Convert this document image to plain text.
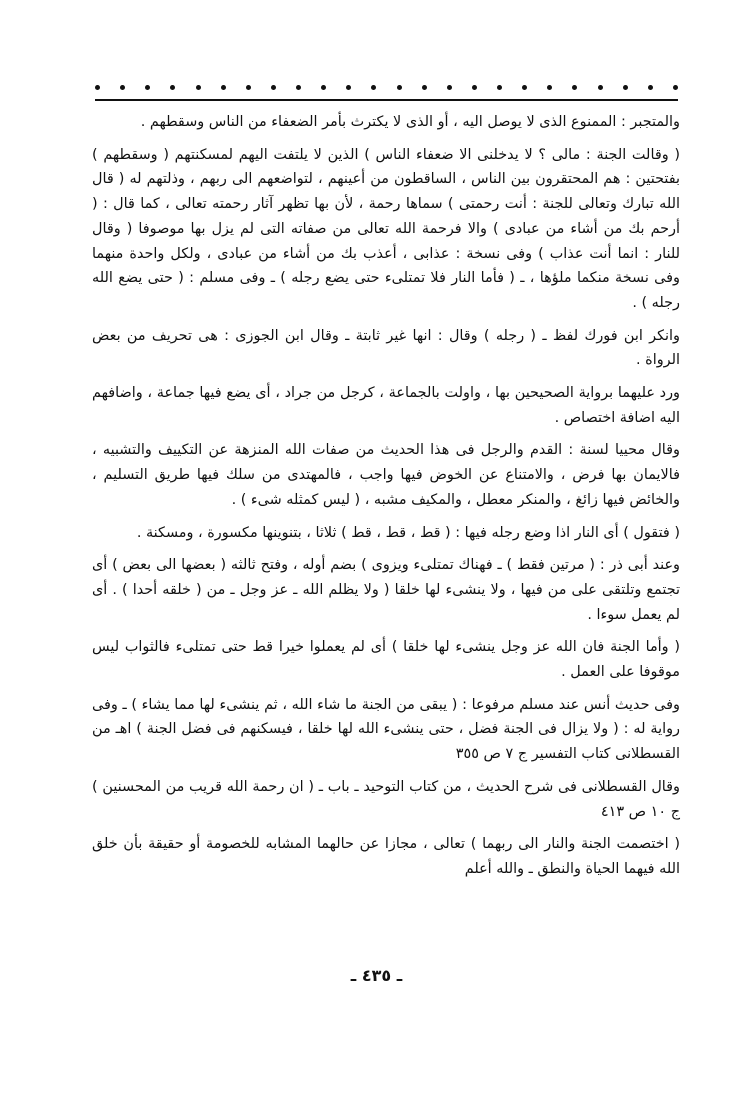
والمتجبر : الممنوع الذى لا يوصل اليه ، أو الذى لا يكترث بأمر الضعفاء من الناس وسقطهم .

( وقالت الجنة : مالى ؟ لا يدخلنى الا ضعفاء الناس ) الذين لا يلتفت اليهم لمسكنتهم ( وسقطهم ) بفتحتين : هم المحتقرون بين الناس ، الساقطون من أعينهم ، لتواضعهم الى ربهم ، وذلتهم له ( قال الله تبارك وتعالى للجنة : أنت رحمتى ) سماها رحمة ، لأن بها تظهر آثار رحمته تعالى ، كما قال : ( أرحم بك من أشاء من عبادى ) والا فرحمة الله تعالى من صفاته التى لم يزل بها موصوفا ( وقال للنار : انما أنت عذاب ) وفى نسخة : عذابى ، أعذب بك من أشاء من عبادى ، ولكل واحدة منهما وفى نسخة منكما ملؤها ، ـ ( فأما النار فلا تمتلىء حتى يضع رجله ) ـ وفى مسلم : ( حتى يضع الله رجله ) .

وانكر ابن فورك لفظ ـ ( رجله ) وقال : انها غير ثابتة ـ وقال ابن الجوزى : هى تحريف من بعض الرواة .

ورد عليهما برواية الصحيحين بها ، واولت بالجماعة ، كرجل من جراد ، أى يضع فيها جماعة ، واضافهم اليه اضافة اختصاص .

وقال محييا لسنة : القدم والرجل فى هذا الحديث من صفات الله المنزهة عن التكييف والتشبيه ، فالايمان بها فرض ، والامتناع عن الخوض فيها واجب ، فالمهتدى من سلك فيها طريق التسليم ، والخائض فيها زائغ ، والمنكر معطل ، والمكيف مشبه ، ( ليس كمثله شىء ) .

( فتقول ) أى النار اذا وضع رجله فيها : ( قط ، قط ، قط ) ثلاثا ، بتنوينها مكسورة ، ومسكنة .

وعند أبى ذر : ( مرتين فقط ) ـ فهناك تمتلىء ويزوى ) بضم أوله ، وفتح ثالثه ( بعضها الى بعض ) أى تجتمع وتلتقى على من فيها ، ولا ينشىء لها خلقا ( ولا يظلم الله ـ عز وجل ـ من ( خلقه أحدا ) . أى لم يعمل سوءا .

( وأما الجنة فان الله عز وجل ينشىء لها خلقا ) أى لم يعملوا خيرا قط حتى تمتلىء فالثواب ليس موقوفا على العمل .

وفى حديث أنس عند مسلم مرفوعا : ( يبقى من الجنة ما شاء الله ، ثم ينشىء لها مما يشاء ) ـ وفى رواية له : ( ولا يزال فى الجنة فضل ، حتى ينشىء الله لها خلقا ، فيسكنهم فى فضل الجنة ) اهـ من القسطلانى كتاب التفسير ج ٧ ص ٣٥٥

وقال القسطلانى فى شرح الحديث ، من كتاب التوحيد ـ باب ـ ( ان رحمة الله قريب من المحسنين ) ج ١٠ ص ٤١٣

( اختصمت الجنة والنار الى ربهما ) تعالى ، مجازا عن حالهما المشابه للخصومة أو حقيقة بأن خلق الله فيهما الحياة والنطق ـ والله أعلم

ـ ٤٣٥ ـ
